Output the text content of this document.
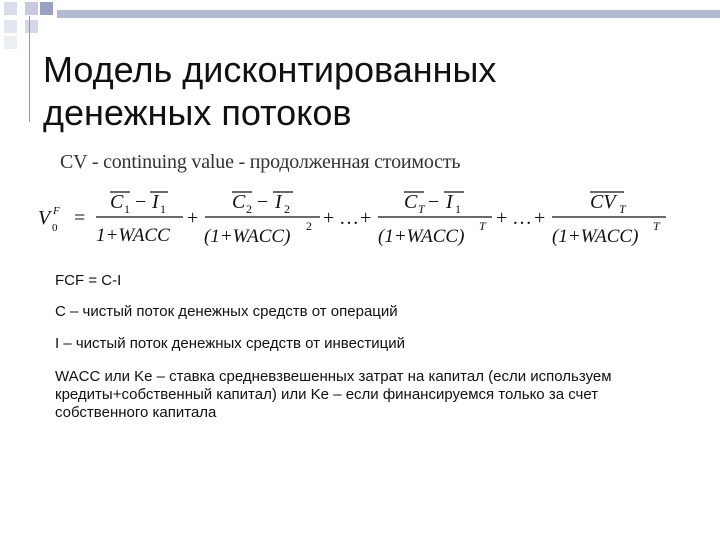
Модель дисконтированных денежных потоков
CV - continuing value - продолженная стоимость
V F
0 =
C 1 − I 1
1+WACC
+
C 2 − I 2
(1+WACC) 2 + … +
C T − I 1
(1+WACC) T + … +
CV T
(1+WACC) T
FCF = C-I
C – чистый поток денежных средств от операций
I – чистый поток денежных средств от инвестиций
WACC или Ke – ставка средневзвешенных затрат на капитал (если используем кредиты+собственный капитал) или Ke – если финансируемся только за счет собственного капитала
